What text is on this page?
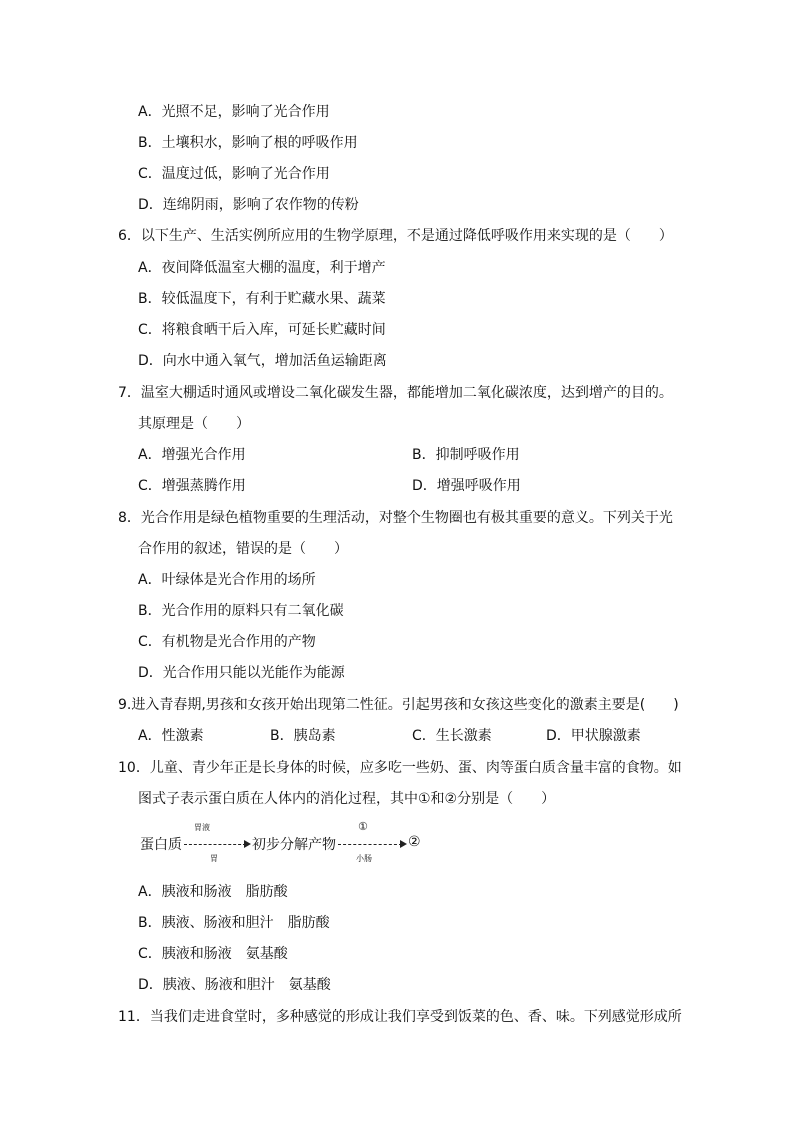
A．光照不足，影响了光合作用
B．土壤积水，影响了根的呼吸作用
C．温度过低，影响了光合作用
D．连绵阴雨，影响了农作物的传粉
6．以下生产、生活实例所应用的生物学原理，不是通过降低呼吸作用来实现的是（　　）
A．夜间降低温室大棚的温度，利于增产
B．较低温度下，有利于贮藏水果、蔬菜
C．将粮食晒干后入库，可延长贮藏时间
D．向水中通入氧气，增加活鱼运输距离
7．温室大棚适时通风或增设二氧化碳发生器，都能增加二氧化碳浓度，达到增产的目的。
其原理是（　　）
A．增强光合作用	B．抑制呼吸作用
C．增强蒸腾作用	D．增强呼吸作用
8．光合作用是绿色植物重要的生理活动，对整个生物圈也有极其重要的意义。下列关于光
合作用的叙述，错误的是（　　）
A．叶绿体是光合作用的场所
B．光合作用的原料只有二氧化碳
C．有机物是光合作用的产物
D．光合作用只能以光能作为能源
9.进入青春期,男孩和女孩开始出现第二性征。引起男孩和女孩这些变化的激素主要是(　　)
A．性激素	B．胰岛素	C．生长激素	D．甲状腺激素
10．儿童、青少年正是长身体的时候，应多吃一些奶、蛋、肉等蛋白质含量丰富的食物。如
图式子表示蛋白质在人体内的消化过程，其中①和②分别是（　　）
蛋白质
胃液
胃
初步分解产物
①
小肠
②
A．胰液和肠液　脂肪酸
B．胰液、肠液和胆汁　脂肪酸
C．胰液和肠液　氨基酸
D．胰液、肠液和胆汁　氨基酸
11．当我们走进食堂时，多种感觉的形成让我们享受到饭菜的色、香、味。下列感觉形成所
